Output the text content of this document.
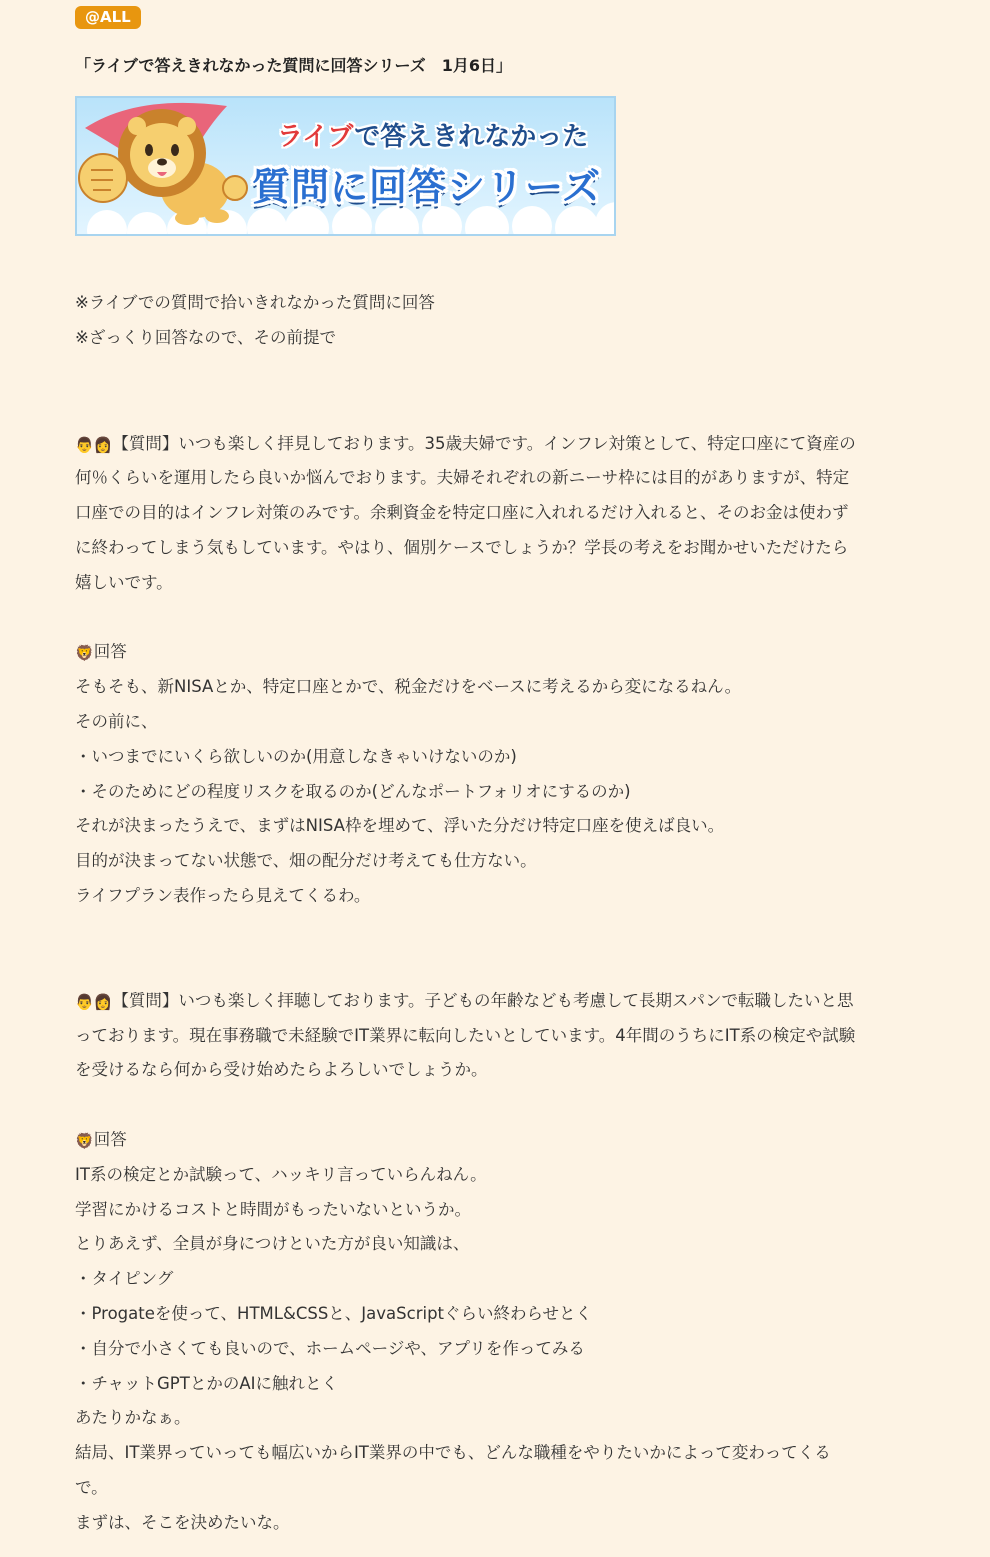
@ALL
「ライブで答えきれなかった質問に回答シリーズ　1月6日」
ライブで答えきれなかった
質問に回答シリーズ
※ライブでの質問で拾いきれなかった質問に回答
※ざっくり回答なので、その前提で
👨👩【質問】いつも楽しく拝見しております。35歳夫婦です。インフレ対策として、特定口座にて資産の
何％くらいを運用したら良いか悩んでおります。夫婦それぞれの新ニーサ枠には目的がありますが、特定
口座での目的はインフレ対策のみです。余剰資金を特定口座に入れれるだけ入れると、そのお金は使わず
に終わってしまう気もしています。やはり、個別ケースでしょうか？学長の考えをお聞かせいただけたら
嬉しいです。
🦁回答
そもそも、新NISAとか、特定口座とかで、税金だけをベースに考えるから変になるねん。
その前に、
・いつまでにいくら欲しいのか(用意しなきゃいけないのか)
・そのためにどの程度リスクを取るのか(どんなポートフォリオにするのか)
それが決まったうえで、まずはNISA枠を埋めて、浮いた分だけ特定口座を使えば良い。
目的が決まってない状態で、畑の配分だけ考えても仕方ない。
ライフプラン表作ったら見えてくるわ。
👨👩【質問】いつも楽しく拝聴しております。子どもの年齢なども考慮して長期スパンで転職したいと思
っております。現在事務職で未経験でIT業界に転向したいとしています。4年間のうちにIT系の検定や試験
を受けるなら何から受け始めたらよろしいでしょうか。
🦁回答
IT系の検定とか試験って、ハッキリ言っていらんねん。
学習にかけるコストと時間がもったいないというか。
とりあえず、全員が身につけといた方が良い知識は、
・タイピング
・Progateを使って、HTML&CSSと、JavaScriptぐらい終わらせとく
・自分で小さくても良いので、ホームページや、アプリを作ってみる
・チャットGPTとかのAIに触れとく
あたりかなぁ。
結局、IT業界っていっても幅広いからIT業界の中でも、どんな職種をやりたいかによって変わってくる
で。
まずは、そこを決めたいな。
